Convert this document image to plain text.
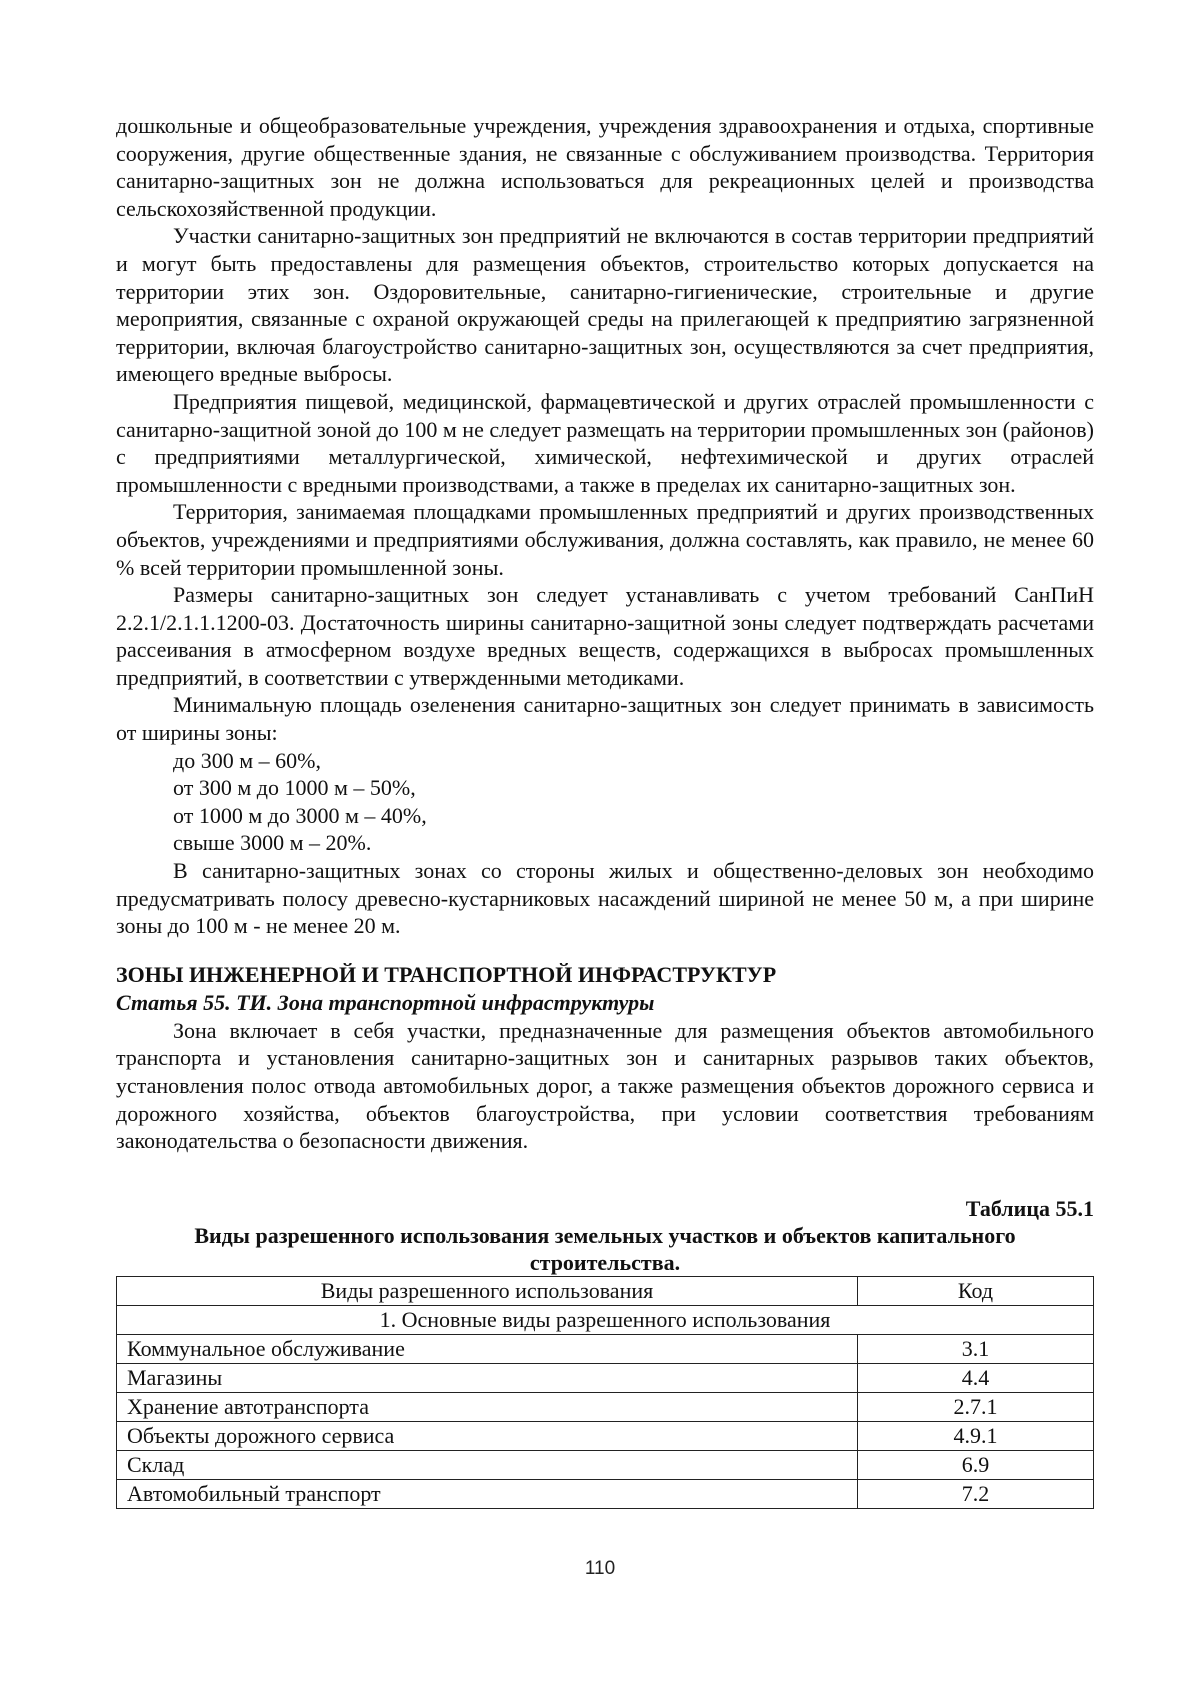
дошкольные и общеобразовательные учреждения, учреждения здравоохранения и отдыха, спортивные сооружения, другие общественные здания, не связанные с обслуживанием производства. Территория санитарно-защитных зон не должна использоваться для рекреационных целей и производства сельскохозяйственной продукции.

Участки санитарно-защитных зон предприятий не включаются в состав территории предприятий и могут быть предоставлены для размещения объектов, строительство которых допускается на территории этих зон. Оздоровительные, санитарно-гигиенические, строительные и другие мероприятия, связанные с охраной окружающей среды на прилегающей к предприятию загрязненной территории, включая благоустройство санитарно-защитных зон, осуществляются за счет предприятия, имеющего вредные выбросы.

Предприятия пищевой, медицинской, фармацевтической и других отраслей промышленности с санитарно-защитной зоной до 100 м не следует размещать на территории промышленных зон (районов) с предприятиями металлургической, химической, нефтехимической и других отраслей промышленности с вредными производствами, а также в пределах их санитарно-защитных зон.

Территория, занимаемая площадками промышленных предприятий и других производственных объектов, учреждениями и предприятиями обслуживания, должна составлять, как правило, не менее 60 % всей территории промышленной зоны.

Размеры санитарно-защитных зон следует устанавливать с учетом требований СанПиН 2.2.1/2.1.1.1200-03. Достаточность ширины санитарно-защитной зоны следует подтверждать расчетами рассеивания в атмосферном воздухе вредных веществ, содержащихся в выбросах промышленных предприятий, в соответствии с утвержденными методиками.

Минимальную площадь озеленения санитарно-защитных зон следует принимать в зависимость от ширины зоны:

до 300 м – 60%,

от 300 м до 1000 м – 50%,

от 1000 м до 3000 м – 40%,

свыше 3000 м – 20%.

В санитарно-защитных зонах со стороны жилых и общественно-деловых зон необходимо предусматривать полосу древесно-кустарниковых насаждений шириной не менее 50 м, а при ширине зоны до 100 м - не менее 20 м.

ЗОНЫ ИНЖЕНЕРНОЙ И ТРАНСПОРТНОЙ ИНФРАСТРУКТУР

Статья 55. ТИ. Зона транспортной инфраструктуры

Зона включает в себя участки, предназначенные для размещения объектов автомобильного транспорта и установления санитарно-защитных зон и санитарных разрывов таких объектов, установления полос отвода автомобильных дорог, а также размещения объектов дорожного сервиса и дорожного хозяйства, объектов благоустройства, при условии соответствия требованиям законодательства о безопасности движения.

Таблица 55.1

Виды разрешенного использования земельных участков и объектов капитального строительства.

Виды разрешенного использования	Код
1. Основные виды разрешенного использования	
Коммунальное обслуживание	3.1
Магазины	4.4
Хранение автотранспорта	2.7.1
Объекты дорожного сервиса	4.9.1
Склад	6.9
Автомобильный транспорт	7.2
110
